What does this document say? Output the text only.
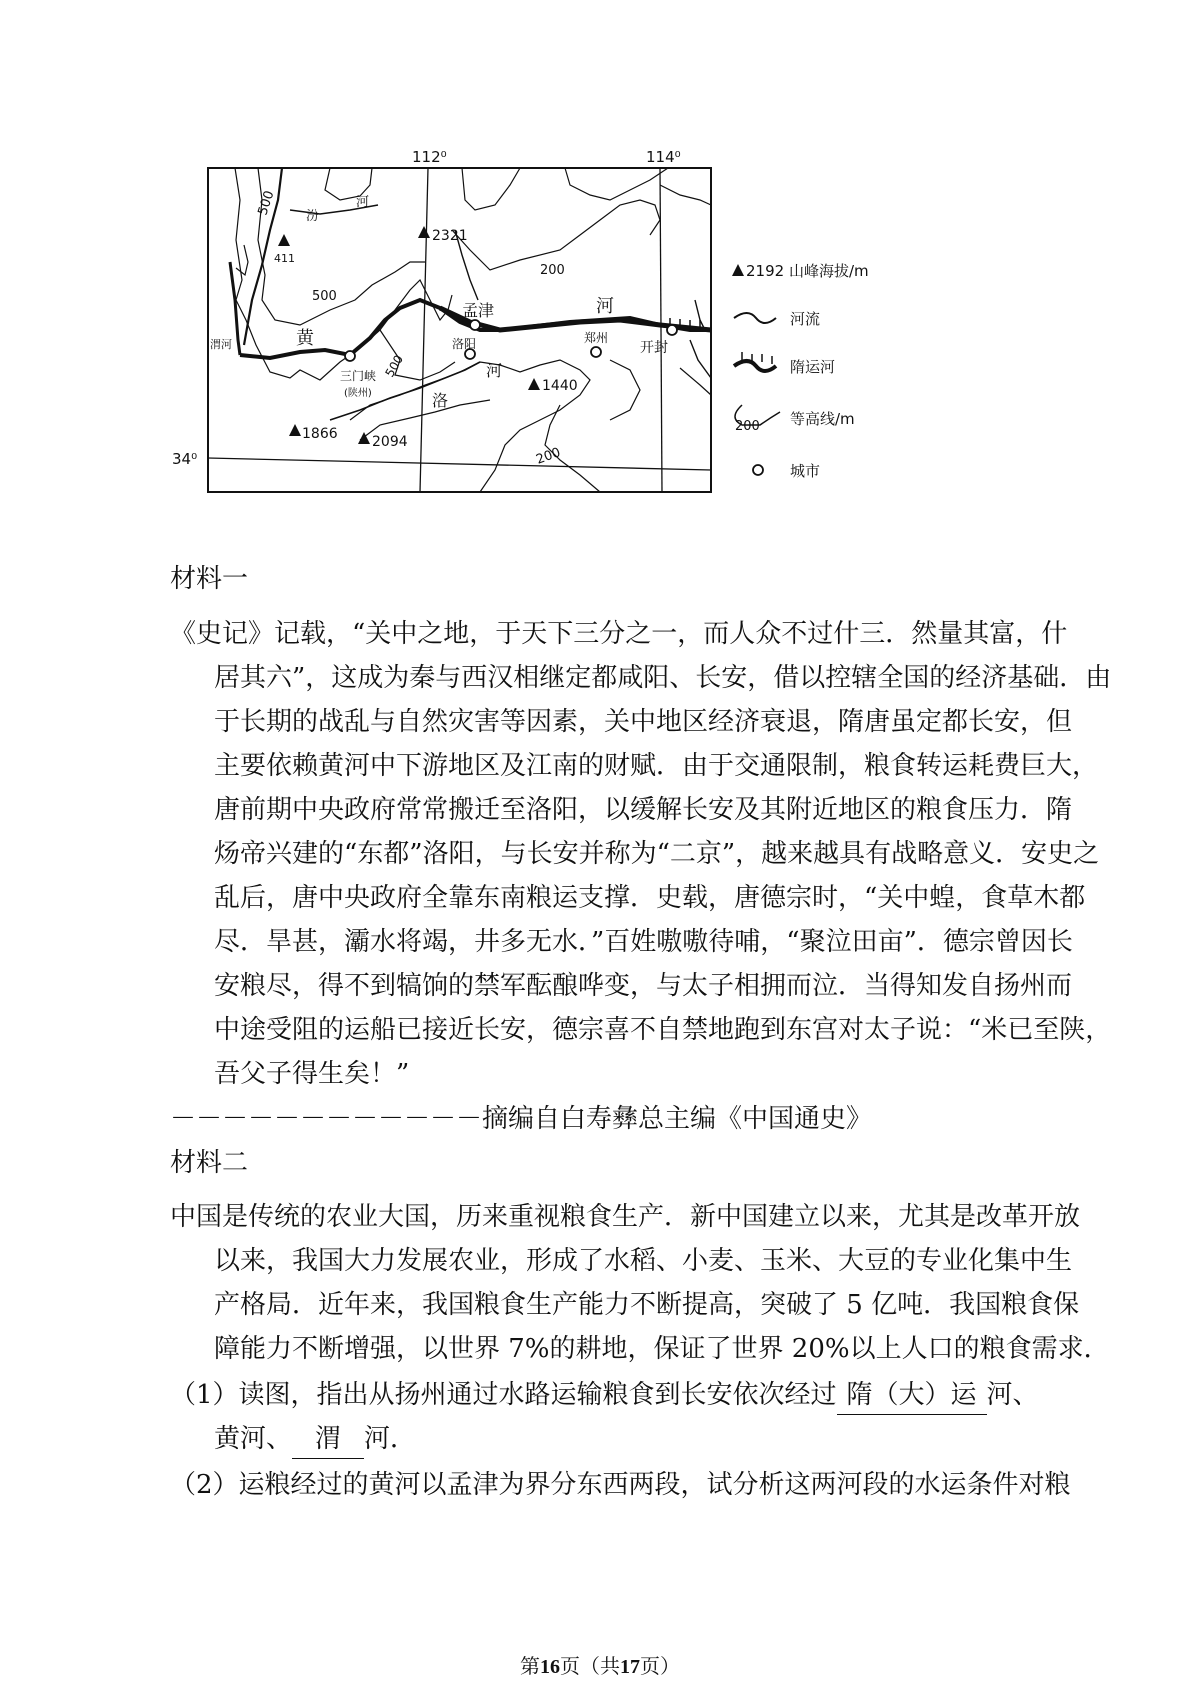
112⁰	114⁰
34⁰
2321
411
1440
1866 2094
500
500
500
200
200
汾
河
黄
河
洛
河
渭河
三门峡
(陕州)
孟津
洛阳	郑州
开封
2192 山峰海拔/m
河流
隋运河
200 等高线/m
城市
材料一
《史记》记载，“关中之地，于天下三分之一，而人众不过什三．然量其富，什
居其六”，这成为秦与西汉相继定都咸阳、长安，借以控辖全国的经济基础．由
于长期的战乱与自然灾害等因素，关中地区经济衰退，隋唐虽定都长安，但
主要依赖黄河中下游地区及江南的财赋．由于交通限制，粮食转运耗费巨大，
唐前期中央政府常常搬迁至洛阳，以缓解长安及其附近地区的粮食压力．隋
炀帝兴建的“东都”洛阳，与长安并称为“二京”，越来越具有战略意义．安史之
乱后，唐中央政府全靠东南粮运支撑．史载，唐德宗时，“关中蝗，食草木都
尽．旱甚，灞水将竭，井多无水．”百姓嗷嗷待哺，“聚泣田亩”．德宗曾因长
安粮尽，得不到犒饷的禁军酝酿哗变，与太子相拥而泣．当得知发自扬州而
中途受阻的运船已接近长安，德宗喜不自禁地跑到东宫对太子说：“米已至陕，
吾父子得生矣！”
－－－－－－－－－－－－摘编自白寿彝总主编《中国通史》
材料二
中国是传统的农业大国，历来重视粮食生产．新中国建立以来，尤其是改革开放
以来，我国大力发展农业，形成了水稻、小麦、玉米、大豆的专业化集中生
产格局．近年来，我国粮食生产能力不断提高，突破了 5 亿吨．我国粮食保
障能力不断增强，以世界 7%的耕地，保证了世界 20%以上人口的粮食需求．
（1）读图，指出从扬州通过水路运输粮食到长安依次经过 隋（大）运 河、
黄河、 渭 河．
（2）运粮经过的黄河以孟津为界分东西两段，试分析这两河段的水运条件对粮
第16页（共17页）
